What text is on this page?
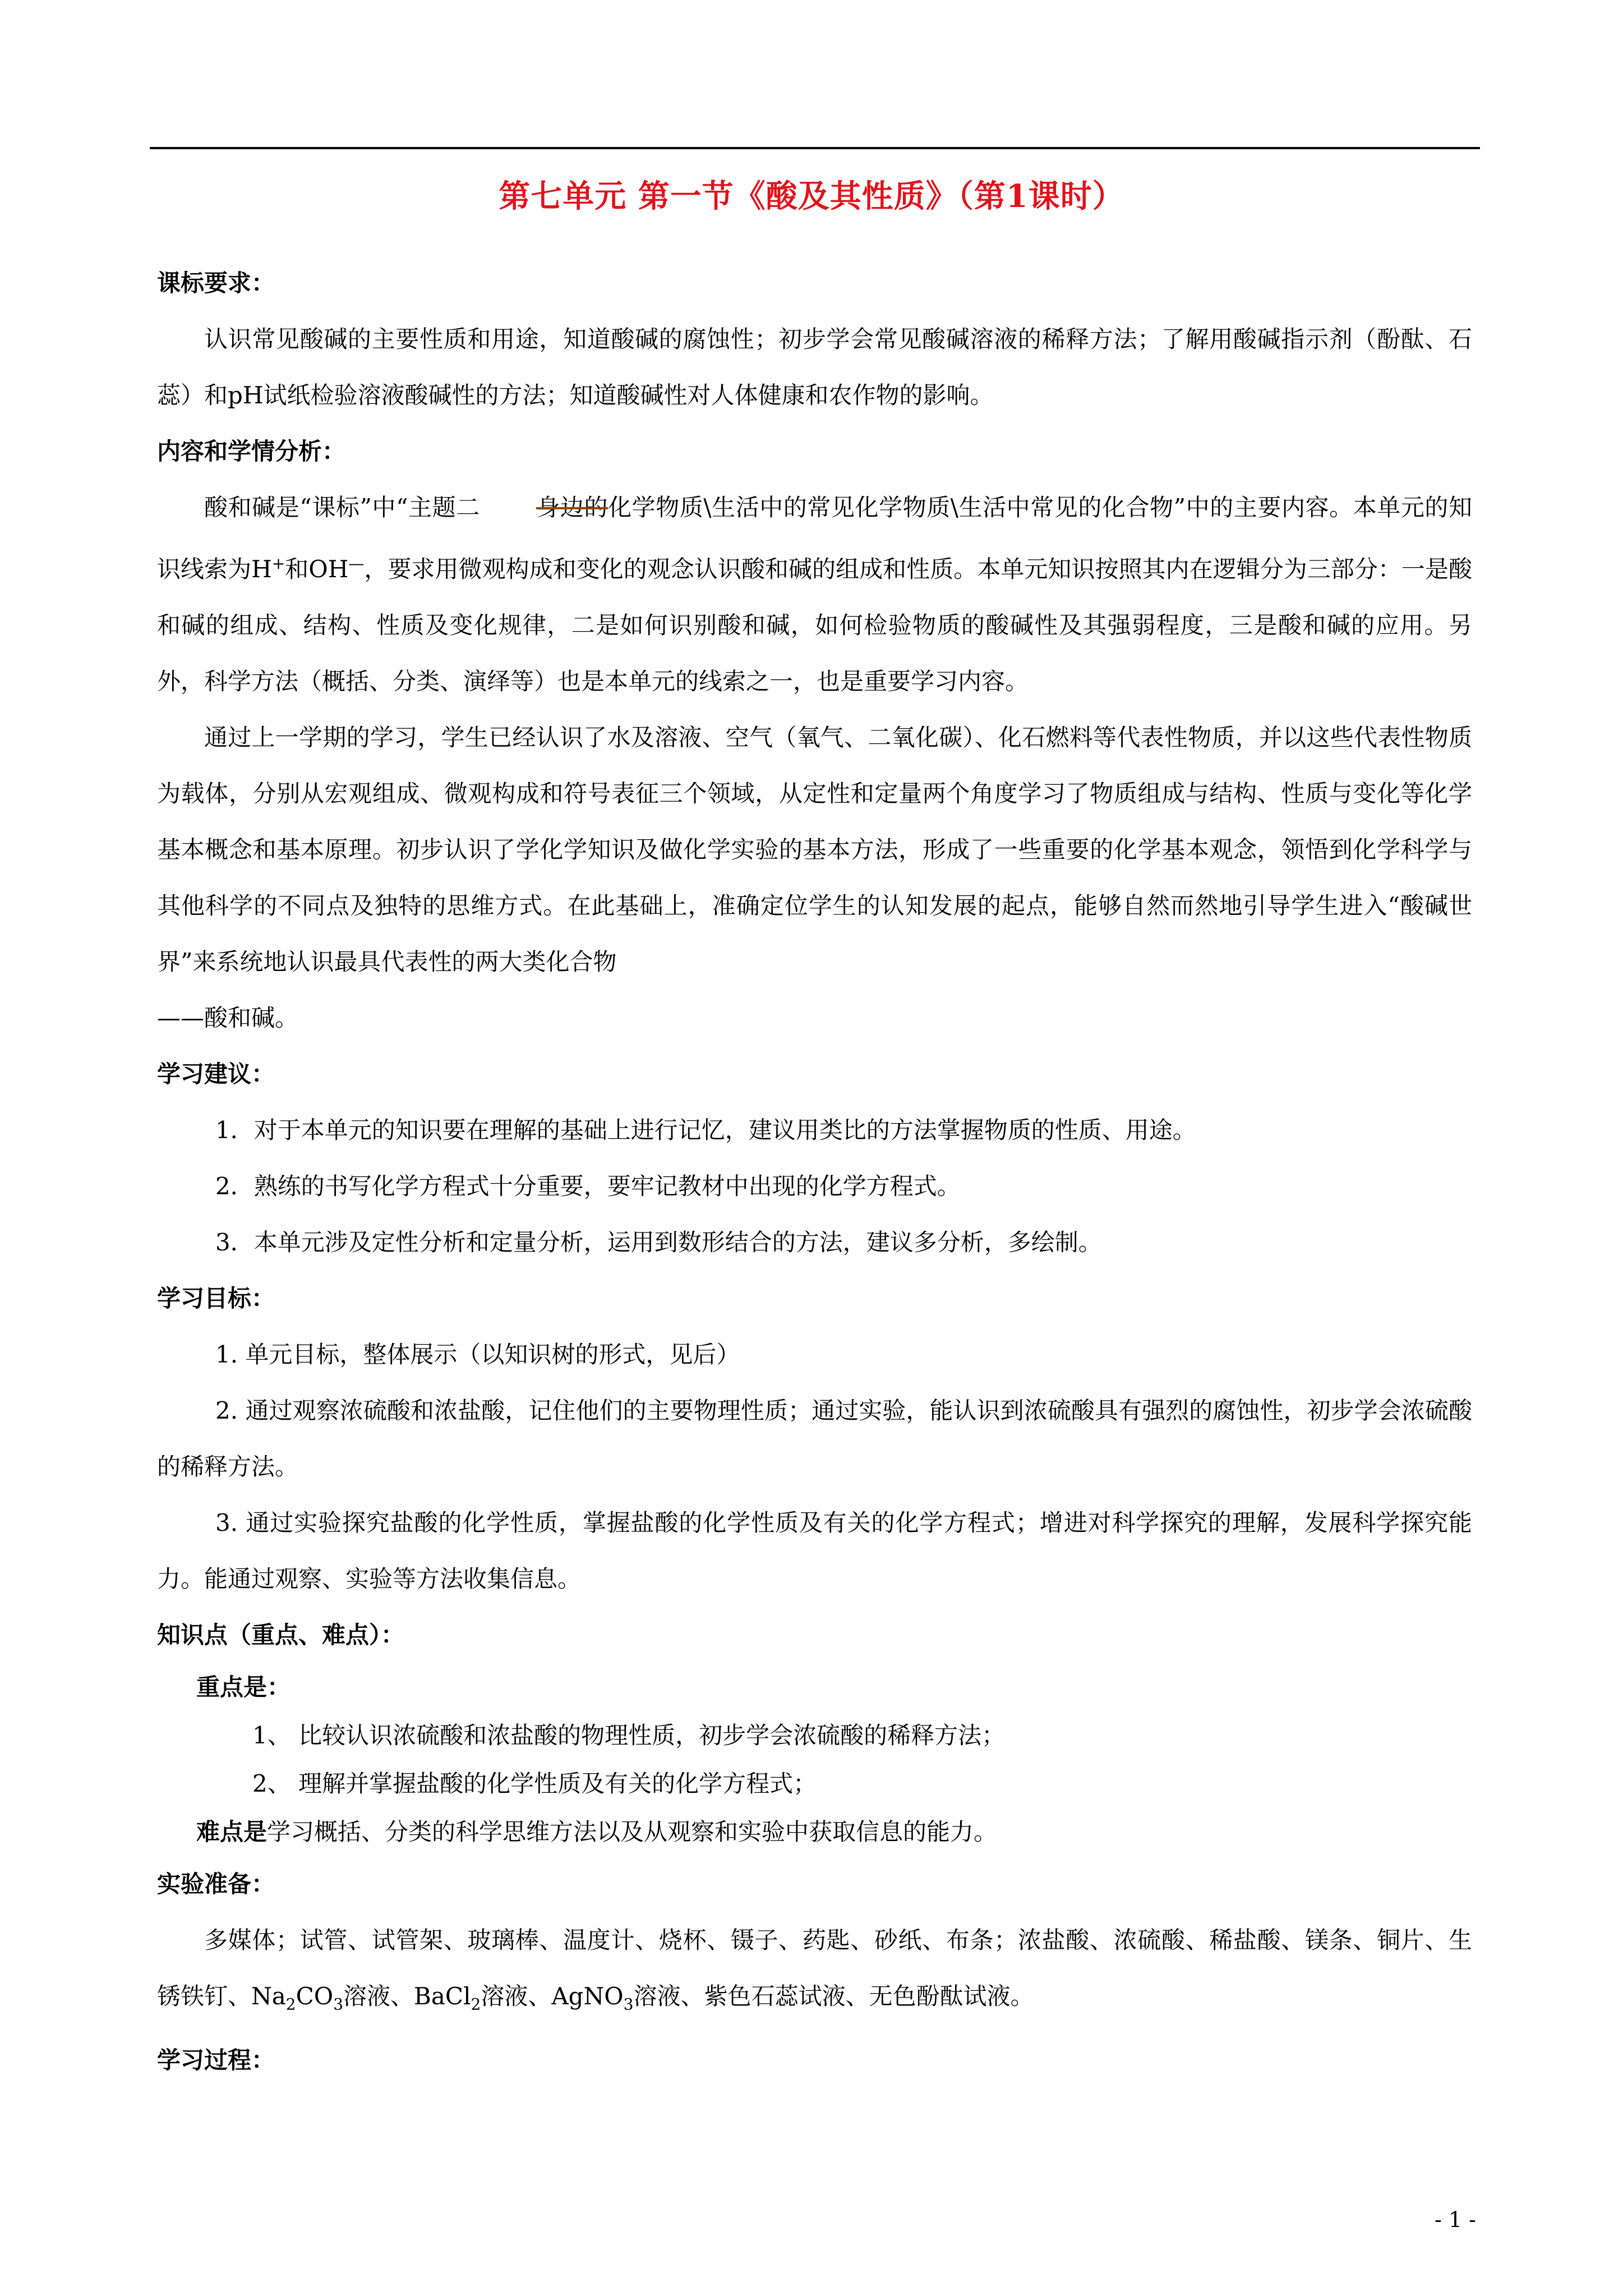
第七单元 第一节《酸及其性质》（第1课时）

课标要求：

认识常见酸碱的主要性质和用途，知道酸碱的腐蚀性；初步学会常见酸碱溶液的稀释方法；了解用酸碱指示剂（酚酞、石蕊）和pH试纸检验溶液酸碱性的方法；知道酸碱性对人体健康和农作物的影响。

内容和学情分析：

酸和碱是“课标”中“主题二 身边的化学物质\生活中的常见化学物质\生活中常见的化合物”中的主要内容。本单元的知识线索为H+和OH—，要求用微观构成和变化的观念认识酸和碱的组成和性质。本单元知识按照其内在逻辑分为三部分：一是酸和碱的组成、结构、性质及变化规律，二是如何识别酸和碱，如何检验物质的酸碱性及其强弱程度，三是酸和碱的应用。另外，科学方法（概括、分类、演绎等）也是本单元的线索之一，也是重要学习内容。

通过上一学期的学习，学生已经认识了水及溶液、空气（氧气、二氧化碳）、化石燃料等代表性物质，并以这些代表性物质为载体，分别从宏观组成、微观构成和符号表征三个领域，从定性和定量两个角度学习了物质组成与结构、性质与变化等化学基本概念和基本原理。初步认识了学化学知识及做化学实验的基本方法，形成了一些重要的化学基本观念，领悟到化学科学与其他科学的不同点及独特的思维方式。在此基础上，准确定位学生的认知发展的起点，能够自然而然地引导学生进入“酸碱世界”来系统地认识最具代表性的两大类化合物

——酸和碱。

学习建议：

1．对于本单元的知识要在理解的基础上进行记忆，建议用类比的方法掌握物质的性质、用途。

2．熟练的书写化学方程式十分重要，要牢记教材中出现的化学方程式。

3．本单元涉及定性分析和定量分析，运用到数形结合的方法，建议多分析，多绘制。

学习目标：

1. 单元目标，整体展示（以知识树的形式，见后）

2. 通过观察浓硫酸和浓盐酸，记住他们的主要物理性质；通过实验，能认识到浓硫酸具有强烈的腐蚀性，初步学会浓硫酸的稀释方法。

3. 通过实验探究盐酸的化学性质，掌握盐酸的化学性质及有关的化学方程式；增进对科学探究的理解，发展科学探究能力。能通过观察、实验等方法收集信息。

知识点（重点、难点）：

重点是：

1、 比较认识浓硫酸和浓盐酸的物理性质，初步学会浓硫酸的稀释方法；

2、 理解并掌握盐酸的化学性质及有关的化学方程式；

难点是学习概括、分类的科学思维方法以及从观察和实验中获取信息的能力。

实验准备：

多媒体；试管、试管架、玻璃棒、温度计、烧杯、镊子、药匙、砂纸、布条；浓盐酸、浓硫酸、稀盐酸、镁条、铜片、生锈铁钉、$Na_2CO_3$溶液、BaCl$_2$溶液、AgNO$_3$溶液、紫色石蕊试液、无色酚酞试液。

学习过程：

- 1 -
